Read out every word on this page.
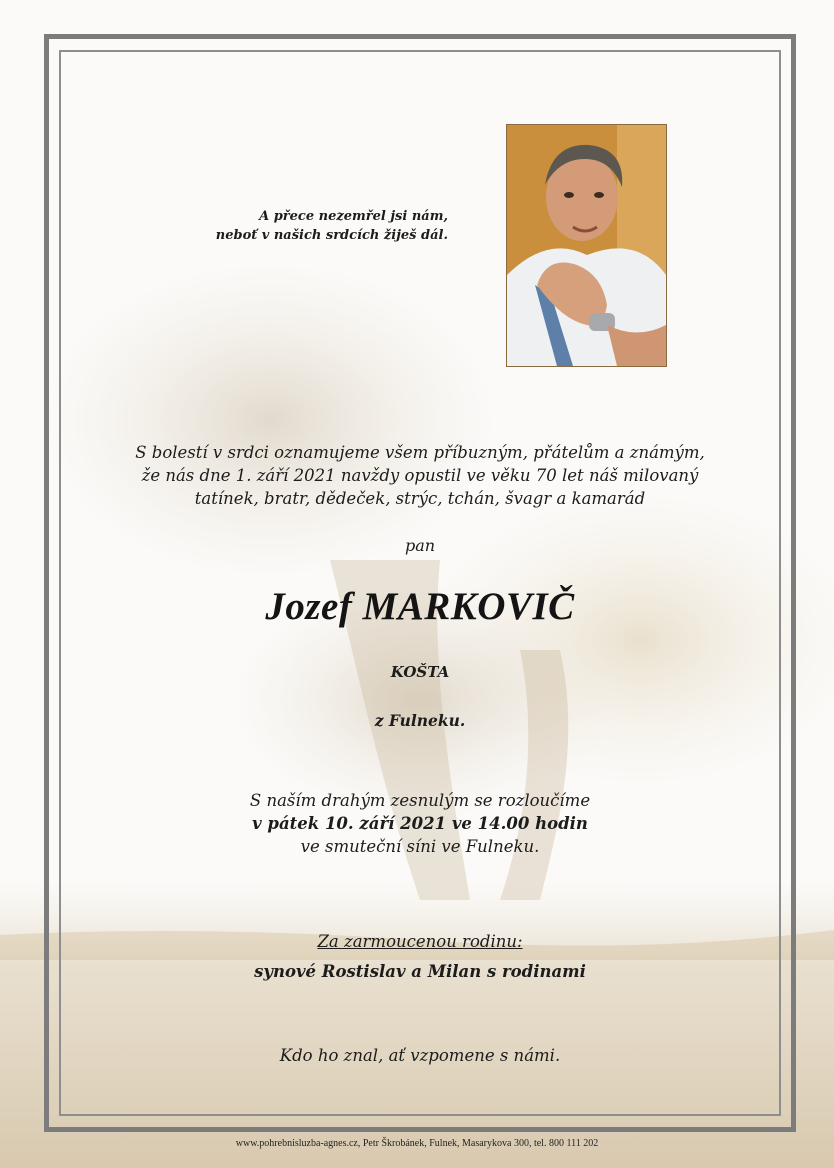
A přece nezemřel jsi nám,
neboť v našich srdcích žiješ dál.
S bolestí v srdci oznamujeme všem příbuzným, přátelům a známým,
že nás dne 1. září 2021 navždy opustil ve věku 70 let náš milovaný
tatínek, bratr, dědeček, strýc, tchán, švagr a kamarád
pan
Jozef MARKOVIČ
KOŠTA
z Fulneku.
S naším drahým zesnulým se rozloučíme
v pátek 10. září 2021 ve 14.00 hodin
ve smuteční síni ve Fulneku.
Za zarmoucenou rodinu:
synové Rostislav a Milan s rodinami
Kdo ho znal, ať vzpomene s námi.
www.pohrebnisluzba-agnes.cz, Petr Škrobánek, Fulnek, Masarykova 300, tel. 800 111 202
